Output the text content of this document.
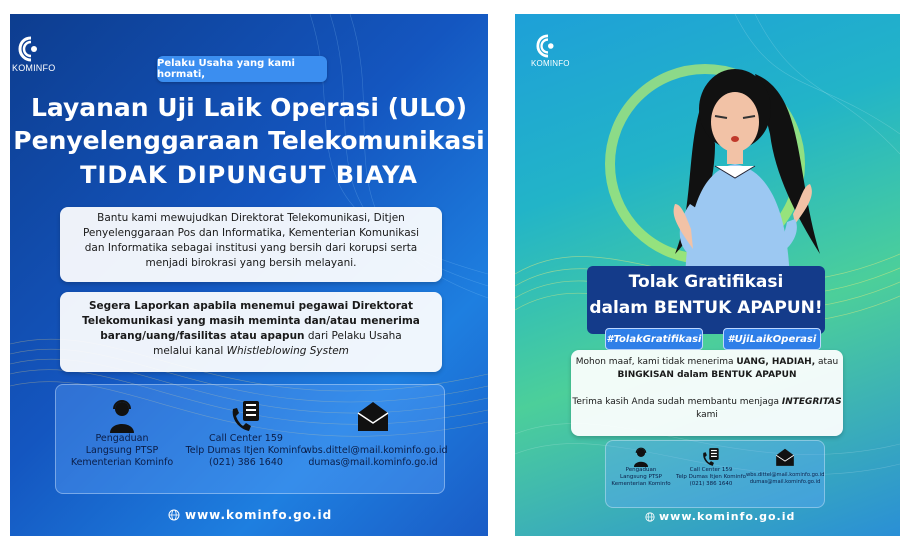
KOMINFO	Pelaku Usaha yang kami hormati,
Layanan Uji Laik Operasi (ULO)
Penyelenggaraan Telekomunikasi
TIDAK DIPUNGUT BIAYA
Bantu kami mewujudkan Direktorat Telekomunikasi, Ditjen
Penyelenggaraan Pos dan Informatika, Kementerian Komunikasi
dan Informatika sebagai institusi yang bersih dari korupsi serta
menjadi birokrasi yang bersih melayani.
Segera Laporkan apabila menemui pegawai Direktorat
Telekomunikasi yang masih meminta dan/atau menerima
barang/uang/fasilitas atau apapun dari Pelaku Usaha
melalui kanal Whistleblowing System
Pengaduan
Langsung PTSP
Kementerian Kominfo
Call Center 159
Telp Dumas Itjen Kominfo
(021) 386 1640
wbs.dittel@mail.kominfo.go.id
dumas@mail.kominfo.go.id
www.kominfo.go.id
KOMINFO
Tolak Gratifikasi
dalam BENTUK APAPUN!
#TolakGratifikasi	#UjiLaikOperasi
Mohon maaf, kami tidak menerima UANG, HADIAH, atau
BINGKISAN dalam BENTUK APAPUN
Terima kasih Anda sudah membantu menjaga INTEGRITAS kami
Pengaduan
Langsung PTSP
Kementerian Kominfo
Call Center 159
Telp Dumas Itjen Kominfo
(021) 386 1640
wbs.dittel@mail.kominfo.go.id
dumas@mail.kominfo.go.id
www.kominfo.go.id
